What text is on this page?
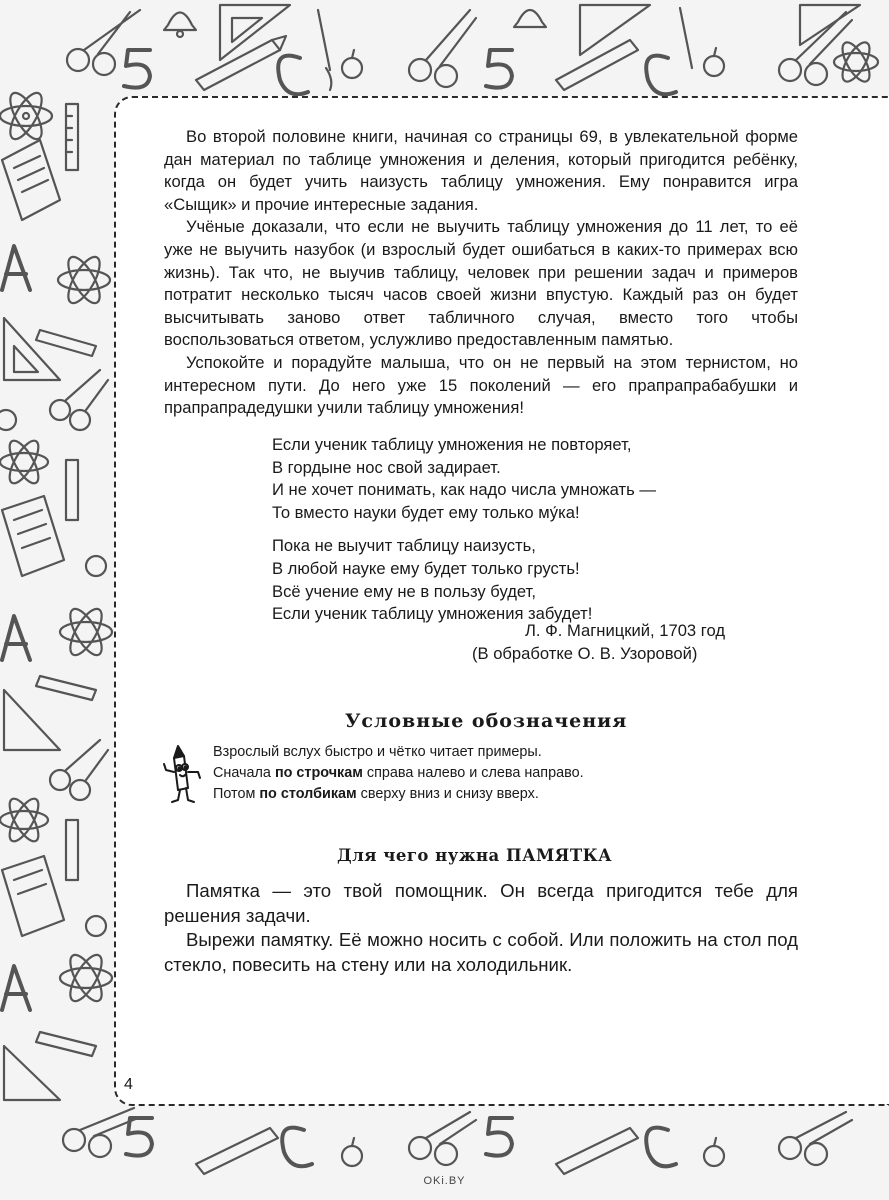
Во второй половине книги, начиная со страницы 69, в увлекательной форме дан материал по таблице умножения и деления, который пригодится ребёнку, когда он будет учить наизусть таблицу умножения. Ему понравится игра «Сыщик» и прочие интересные задания.

Учёные доказали, что если не выучить таблицу умножения до 11 лет, то её уже не выучить назубок (и взрослый будет ошибаться в каких-то примерах всю жизнь). Так что, не выучив таблицу, человек при решении задач и примеров потратит несколько тысяч часов своей жизни впустую. Каждый раз он будет высчитывать заново ответ табличного случая, вместо того чтобы воспользоваться ответом, услужливо предоставленным памятью.

Успокойте и порадуйте малыша, что он не первый на этом тернистом, но интересном пути. До него уже 15 поколений — его прапрапрабабушки и прапрапрадедушки учили таблицу умножения!

Если ученик таблицу умножения не повторяет,
В гордыне нос свой задирает.
И не хочет понимать, как надо числа умножать —
То вместо науки будет ему только му́ка!
Пока не выучит таблицу наизусть,
В любой науке ему будет только грусть!
Всё учение ему не в пользу будет,
Если ученик таблицу умножения забудет!
Л. Ф. Магницкий, 1703 год
(В обработке О. В. Узоровой)
Условные обозначения
Взрослый вслух быстро и чётко читает примеры.
Сначала по строчкам справа налево и слева направо.
Потом по столбикам сверху вниз и снизу вверх.
Для чего нужна ПАМЯТКА

Памятка — это твой помощник. Он всегда пригодится тебе для решения задачи.

Вырежи памятку. Её можно носить с собой. Или положить на стол под стекло, повесить на стену или на холодильник.

4
OKi.BY
